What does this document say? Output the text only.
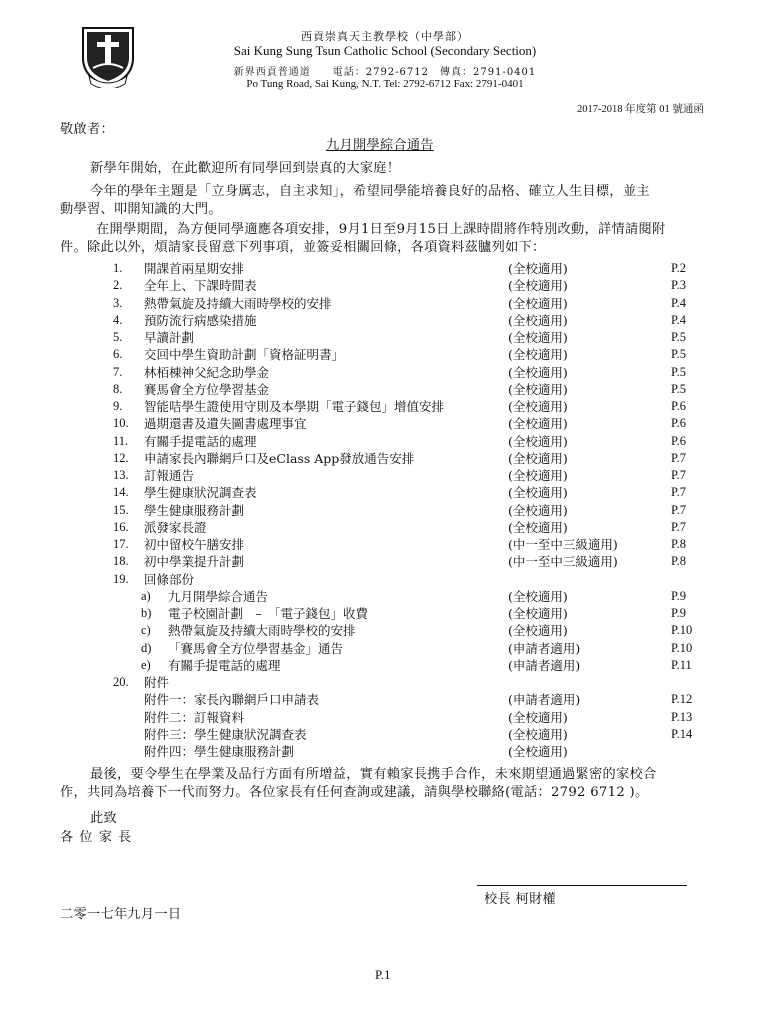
西貢崇真天主教學校（中學部）
Sai Kung Sung Tsun Catholic School (Secondary Section)
新界西貢普通道　　電話：2792-6712　傳真：2791-0401
Po Tung Road, Sai Kung, N.T. Tel: 2792-6712 Fax: 2791-0401
2017-2018 年度第 01 號通函
敬啟者：
九月開學綜合通告
新學年開始，在此歡迎所有同學回到崇真的大家庭！
今年的學年主題是「立身厲志，自主求知」，希望同學能培養良好的品格、確立人生目標，並主
動學習、叩開知識的大門。
在開學期間，為方便同學適應各項安排，9月1日至9月15日上課時間將作特別改動，詳情請閱附
件。除此以外，煩請家長留意下列事項，並簽妥相關回條，各項資料茲臚列如下：
1.	開課首兩星期安排	(全校適用)	P.2
2.	全年上、下課時間表	(全校適用)	P.3
3.	熱帶氣旋及持續大雨時學校的安排	(全校適用)	P.4
4.	預防流行病感染措施	(全校適用)	P.4
5.	早讀計劃	(全校適用)	P.5
6.	交回中學生資助計劃「資格証明書」	(全校適用)	P.5
7.	林栢棟神父紀念助學金	(全校適用)	P.5
8.	賽馬會全方位學習基金	(全校適用)	P.5
9.	智能咭學生證使用守則及本學期「電子錢包」增值安排	(全校適用)	P.6
10.	過期還書及遺失圖書處理事宜	(全校適用)	P.6
11.	有關手提電話的處理	(全校適用)	P.6
12.	申請家長內聯網戶口及eClass App發放通告安排	(全校適用)	P.7
13.	訂報通告	(全校適用)	P.7
14.	學生健康狀況調查表	(全校適用)	P.7
15.	學生健康服務計劃	(全校適用)	P.7
16.	派發家長證	(全校適用)	P.7
17.	初中留校午膳安排	(中一至中三級適用)	P.8
18.	初中學業提升計劃	(中一至中三級適用)	P.8
19.	回條部份
a)	九月開學綜合通告	(全校適用)	P.9
b)	電子校園計劃　–　「電子錢包」收費	(全校適用)	P.9
c)	熱帶氣旋及持續大雨時學校的安排	(全校適用)	P.10
d)	「賽馬會全方位學習基金」通告	(申請者適用)	P.10
e)	有關手提電話的處理	(申請者適用)	P.11
20.	附件
附件一：家長內聯網戶口申請表	(申請者適用)	P.12
附件二：訂報資料	(全校適用)	P.13
附件三：學生健康狀況調查表	(全校適用)	P.14
附件四：學生健康服務計劃	(全校適用)
最後，要令學生在學業及品行方面有所增益，實有賴家長携手合作，未來期望通過緊密的家校合
作，共同為培養下一代而努力。各位家長有任何查詢或建議，請與學校聯絡(電話：2792 6712 )。
此致
各 位 家 長
校長 柯財權
二零一七年九月一日
P.1
